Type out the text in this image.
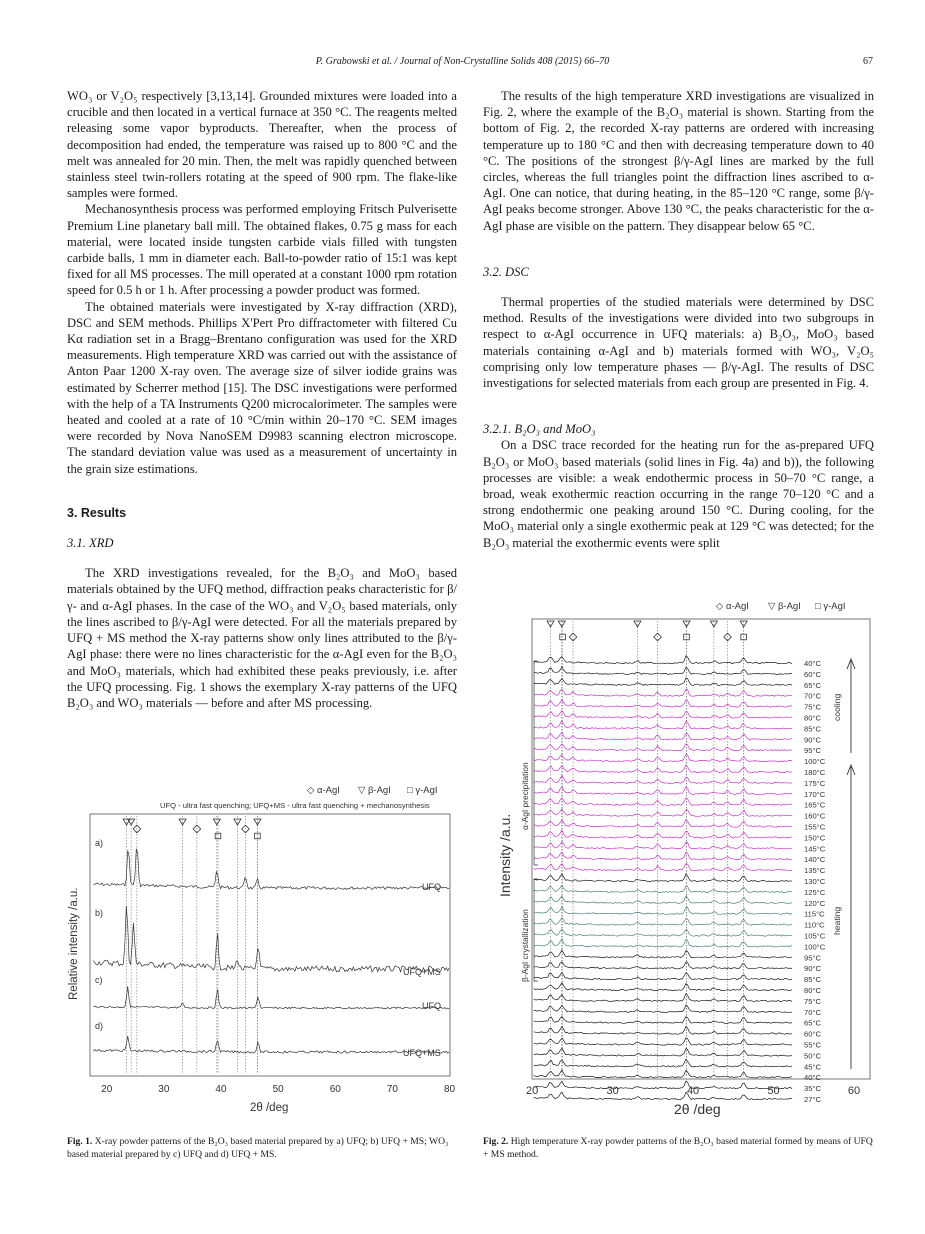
P. Grabowski et al. / Journal of Non-Crystalline Solids 408 (2015) 66–70	67

WO₃ or V₂O₅ respectively [3,13,14]. Grounded mixtures were loaded into a crucible and then located in a vertical furnace at 350 °C. The reagents melted releasing some vapor byproducts. Thereafter, when the process of decomposition had ended, the temperature was raised up to 800 °C and the melt was annealed for 20 min. Then, the melt was rapidly quenched between stainless steel twin-rollers rotating at the speed of 900 rpm. The flake-like samples were formed.

Mechanosynthesis process was performed employing Fritsch Pulverisette Premium Line planetary ball mill. The obtained flakes, 0.75 g mass for each material, were located inside tungsten carbide vials filled with tungsten carbide balls, 1 mm in diameter each. Ball-to-powder ratio of 15:1 was kept fixed for all MS processes. The mill operated at a constant 1000 rpm rotation speed for 0.5 h or 1 h. After processing a powder product was formed.

The obtained materials were investigated by X-ray diffraction (XRD), DSC and SEM methods. Phillips X'Pert Pro diffractometer with filtered Cu Kα radiation set in a Bragg–Brentano configuration was used for the XRD measurements. High temperature XRD was carried out with the assistance of Anton Paar 1200 X-ray oven. The average size of silver iodide grains was estimated by Scherrer method [15]. The DSC investigations were performed with the help of a TA Instruments Q200 microcalorimeter. The samples were heated and cooled at a rate of 10 °C/min within 20–170 °C. SEM images were recorded by Nova NanoSEM D9983 scanning electron microscope. The standard deviation value was used as a measurement of uncertainty in the grain size estimations.

3. Results

3.1. XRD

The XRD investigations revealed, for the B₂O₃ and MoO₃ based materials obtained by the UFQ method, diffraction peaks characteristic for β/γ- and α-AgI phases. In the case of the WO₃ and V₂O₅ based materials, only the lines ascribed to β/γ-AgI were detected. For all the materials prepared by UFQ + MS method the X-ray patterns show only lines attributed to the β/γ-AgI phase: there were no lines characteristic for the α-AgI even for the B₂O₃ and MoO₃ materials, which had exhibited these peaks previously, i.e. after the UFQ processing. Fig. 1 shows the exemplary X-ray patterns of the UFQ B₂O₃ and WO₃ materials — before and after MS processing.

The results of the high temperature XRD investigations are visualized in Fig. 2, where the example of the B₂O₃ material is shown. Starting from the bottom of Fig. 2, the recorded X-ray patterns are ordered with increasing temperature up to 180 °C and then with decreasing temperature down to 40 °C. The positions of the strongest β/γ-AgI lines are marked by the full circles, whereas the full triangles point the diffraction lines ascribed to α-AgI. One can notice, that during heating, in the 85–120 °C range, some β/γ-AgI peaks become stronger. Above 130 °C, the peaks characteristic for the α-AgI phase are visible on the pattern. They disappear below 65 °C.

3.2. DSC

Thermal properties of the studied materials were determined by DSC method. Results of the investigations were divided into two subgroups in respect to α-AgI occurrence in UFQ materials: a) B₂O₃, MoO₃ based materials containing α-AgI and b) materials formed with WO₃, V₂O₅ comprising only low temperature phases — β/γ-AgI. The results of DSC investigations for selected materials from each group are presented in Fig. 4.

3.2.1. B₂O₃ and MoO₃

On a DSC trace recorded for the heating run for the as-prepared UFQ B₂O₃ or MoO₃ based materials (solid lines in Fig. 4a) and b)), the following processes are visible: a weak endothermic process in 50–70 °C range, a broad, weak exothermic reaction occurring in the range 70–120 °C and a strong endothermic one peaking around 150 °C. During cooling, for the MoO₃ material only a single exothermic peak at 129 °C was detected; for the B₂O₃ material the exothermic events were split

◇ α-AgI ▽ β-AgI □ γ-AgI
UFQ - ultra fast quenching; UFQ+MS - ultra fast quenching + mechanosynthesis
a)
b)
c)
d)
UFQ
UFQ+MS
UFQ
UFQ+MS
20	30	40	50	60	70	80
2θ /deg
Relative intensity /a.u.
◇ α-AgI ▽ β-AgI □ γ-AgI
40°C
60°C
65°C
70°C
75°C
80°C
85°C
90°C
95°C
100°C
180°C
175°C
170°C
165°C
160°C
155°C
150°C
145°C
140°C
135°C
130°C
125°C
120°C
115°C
110°C
105°C
100°C
95°C
90°C
85°C
80°C
75°C
70°C
65°C
60°C
55°C
50°C
45°C
40°C
35°C
27°C
α-AgI precipitation
β-AgI crystallization
cooling
heating
20	30	40	50	60
2θ /deg
Intensity /a.u.
Fig. 1. X-ray powder patterns of the B₂O₃ based material prepared by a) UFQ; b) UFQ + MS; WO₃ based material prepared by c) UFQ and d) UFQ + MS.
Fig. 2. High temperature X-ray powder patterns of the B₂O₃ based material formed by means of UFQ + MS method.
